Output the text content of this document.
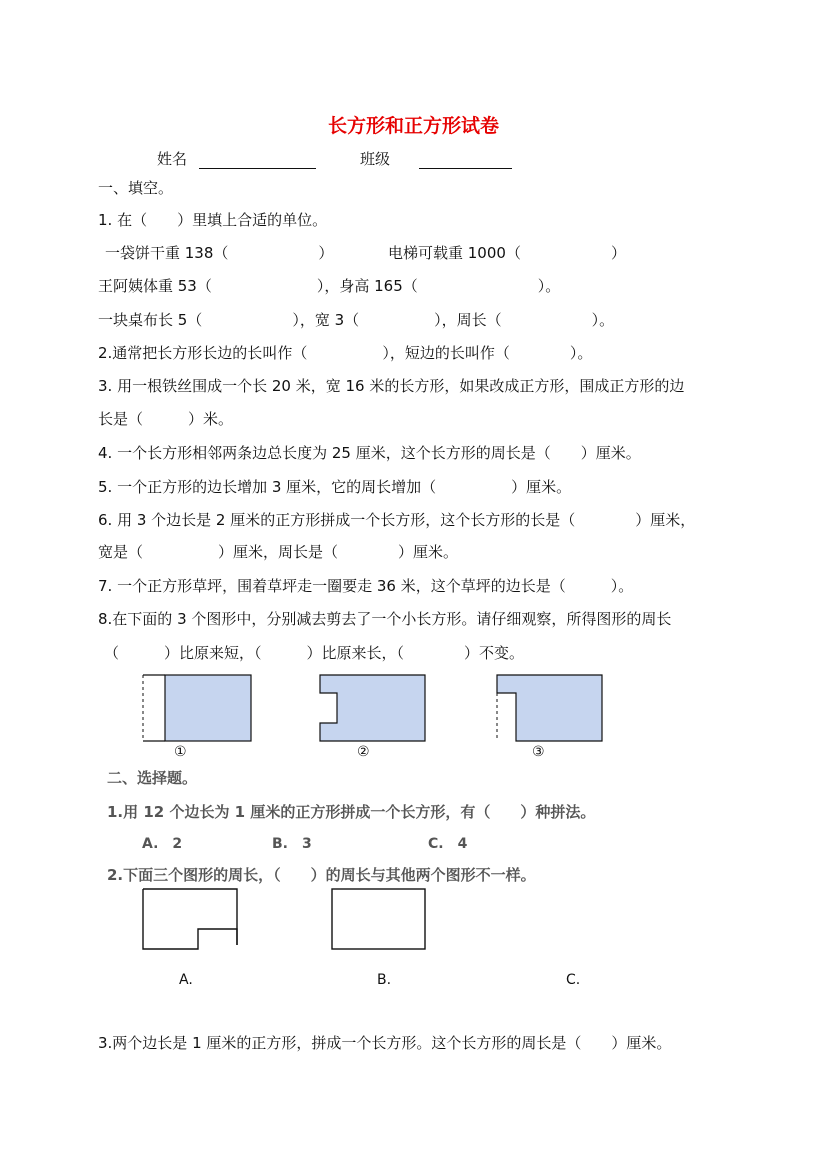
长方形和正方形试卷
姓名	班级
一、填空。
1. 在（　　）里填上合适的单位。
一袋饼干重 138（　　　　　　）	电梯可载重 1000（　　　　　　）
王阿姨体重 53（　　　　　　　），身高 165（　　　　　　　　）。
一块桌布长 5（　　　　　　），宽 3（　　　　　），周长（　　　　　　）。
2.通常把长方形长边的长叫作（　　　　　），短边的长叫作（　　　　）。
3. 用一根铁丝围成一个长 20 米，宽 16 米的长方形，如果改成正方形，围成正方形的边
长是（　　　）米。
4. 一个长方形相邻两条边总长度为 25 厘米，这个长方形的周长是（　　）厘米。
5. 一个正方形的边长增加 3 厘米，它的周长增加（　　　　　）厘米。
6. 用 3 个边长是 2 厘米的正方形拼成一个长方形，这个长方形的长是（　　　　）厘米，
宽是（　　　　　）厘米，周长是（　　　　）厘米。
7. 一个正方形草坪，围着草坪走一圈要走 36 米，这个草坪的边长是（　　　）。
8.在下面的 3 个图形中，分别减去剪去了一个小长方形。请仔细观察，所得图形的周长
（　　　）比原来短，（　　　）比原来长，（　　　　）不变。
①	②	③
二、选择题。
1.用 12 个边长为 1 厘米的正方形拼成一个长方形，有（　　）种拼法。
A.　2	B.　3	C.　4
2.下面三个图形的周长，（　　）的周长与其他两个图形不一样。
A.	B.	C.
3.两个边长是 1 厘米的正方形，拼成一个长方形。这个长方形的周长是（　　）厘米。
